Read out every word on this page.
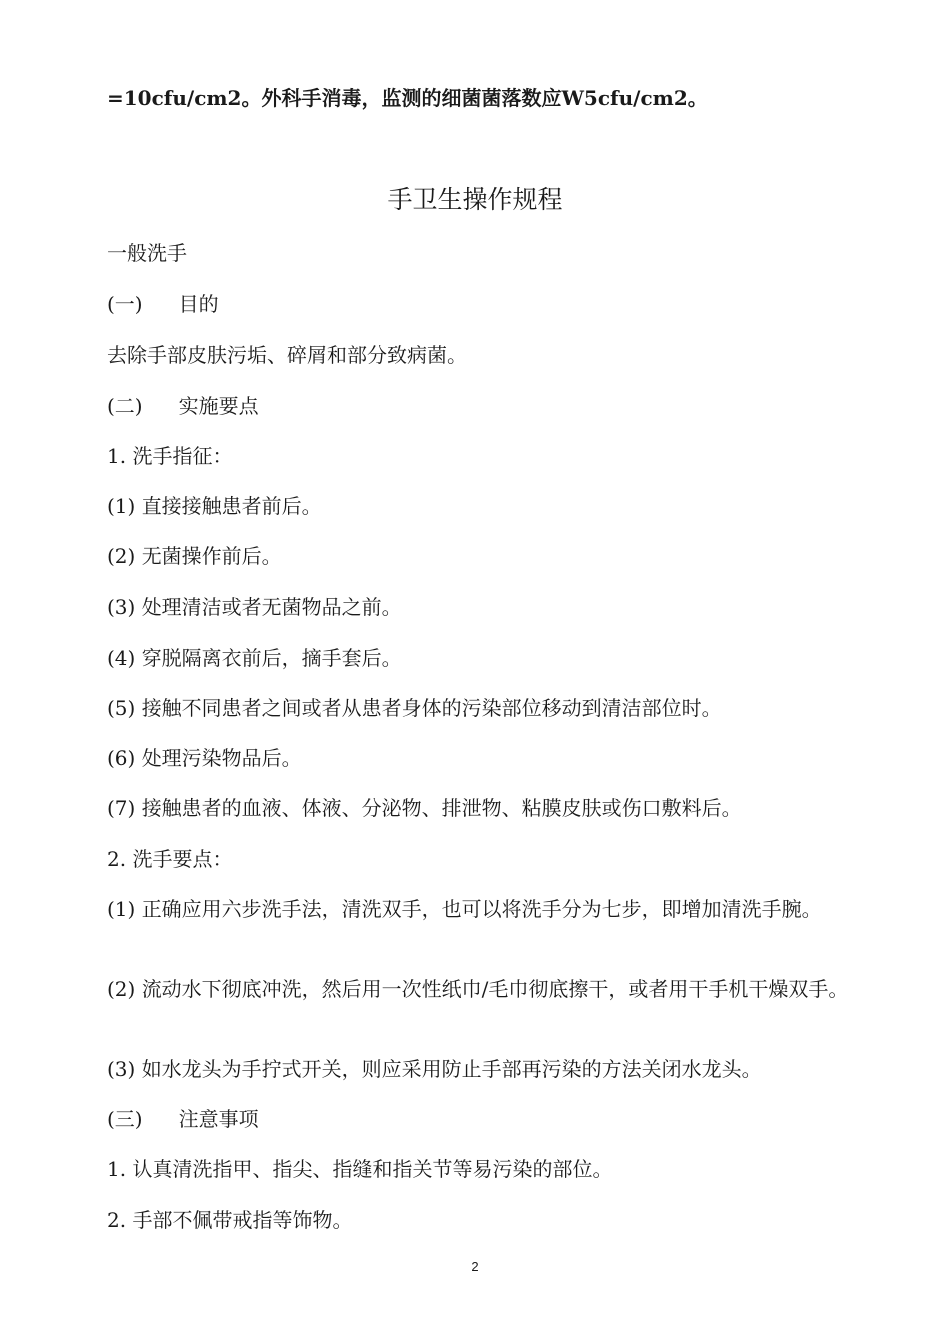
=10cfu/cm2。外科手消毒，监测的细菌菌落数应W5cfu/cm2。
手卫生操作规程
一般洗手
(一) 目的
去除手部皮肤污垢、碎屑和部分致病菌。
(二) 实施要点
1. 洗手指征：
(1) 直接接触患者前后。
(2) 无菌操作前后。
(3) 处理清洁或者无菌物品之前。
(4) 穿脱隔离衣前后，摘手套后。
(5) 接触不同患者之间或者从患者身体的污染部位移动到清洁部位时。
(6) 处理污染物品后。
(7) 接触患者的血液、体液、分泌物、排泄物、粘膜皮肤或伤口敷料后。
2. 洗手要点：
(1) 正确应用六步洗手法，清洗双手，也可以将洗手分为七步，即增加清洗手腕。
(2) 流动水下彻底冲洗，然后用一次性纸巾/毛巾彻底擦干，或者用干手机干燥双手。
(3) 如水龙头为手拧式开关，则应采用防止手部再污染的方法关闭水龙头。
(三) 注意事项
1. 认真清洗指甲、指尖、指缝和指关节等易污染的部位。
2. 手部不佩带戒指等饰物。
2
